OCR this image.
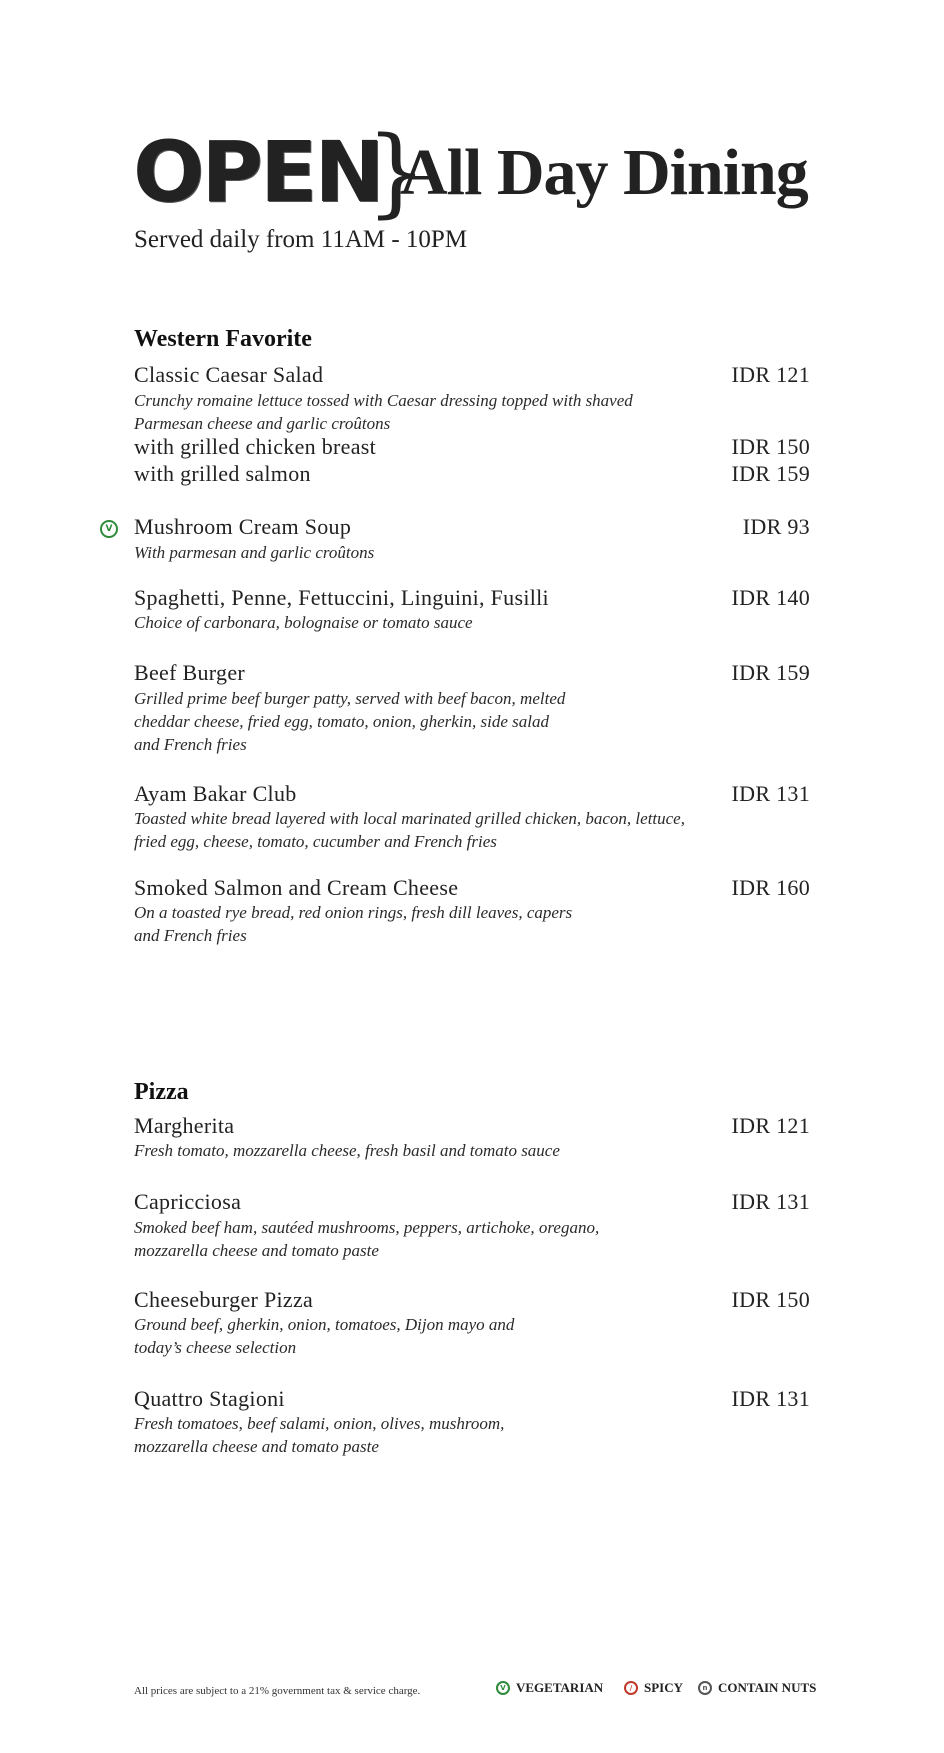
OPEN
}
All Day Dining
Served daily from 11AM - 10PM
Western Favorite
Classic Caesar Salad	IDR 121
Crunchy romaine lettuce tossed with Caesar dressing topped with shaved Parmesan cheese and garlic croûtons
with grilled chicken breast	IDR 150
with grilled salmon	IDR 159
V Mushroom Cream Soup	IDR 93
With parmesan and garlic croûtons
Spaghetti, Penne, Fettuccini, Linguini, Fusilli	IDR 140
Choice of carbonara, bolognaise or tomato sauce
Beef Burger	IDR 159
Grilled prime beef burger patty, served with beef bacon, melted cheddar cheese, fried egg, tomato, onion, gherkin, side salad and French fries
Ayam Bakar Club	IDR 131
Toasted white bread layered with local marinated grilled chicken, bacon, lettuce, fried egg, cheese, tomato, cucumber and French fries
Smoked Salmon and Cream Cheese	IDR 160
On a toasted rye bread, red onion rings, fresh dill leaves, capers and French fries
Pizza
Margherita	IDR 121
Fresh tomato, mozzarella cheese, fresh basil and tomato sauce
Capricciosa	IDR 131
Smoked beef ham, sautéed mushrooms, peppers, artichoke, oregano, mozzarella cheese and tomato paste
Cheeseburger Pizza	IDR 150
Ground beef, gherkin, onion, tomatoes, Dijon mayo and today’s cheese selection
Quattro Stagioni	IDR 131
Fresh tomatoes, beef salami, onion, olives, mushroom, mozzarella cheese and tomato paste
All prices are subject to a 21% government tax & service charge.	V VEGETARIAN	/ SPICY	n CONTAIN NUTS
